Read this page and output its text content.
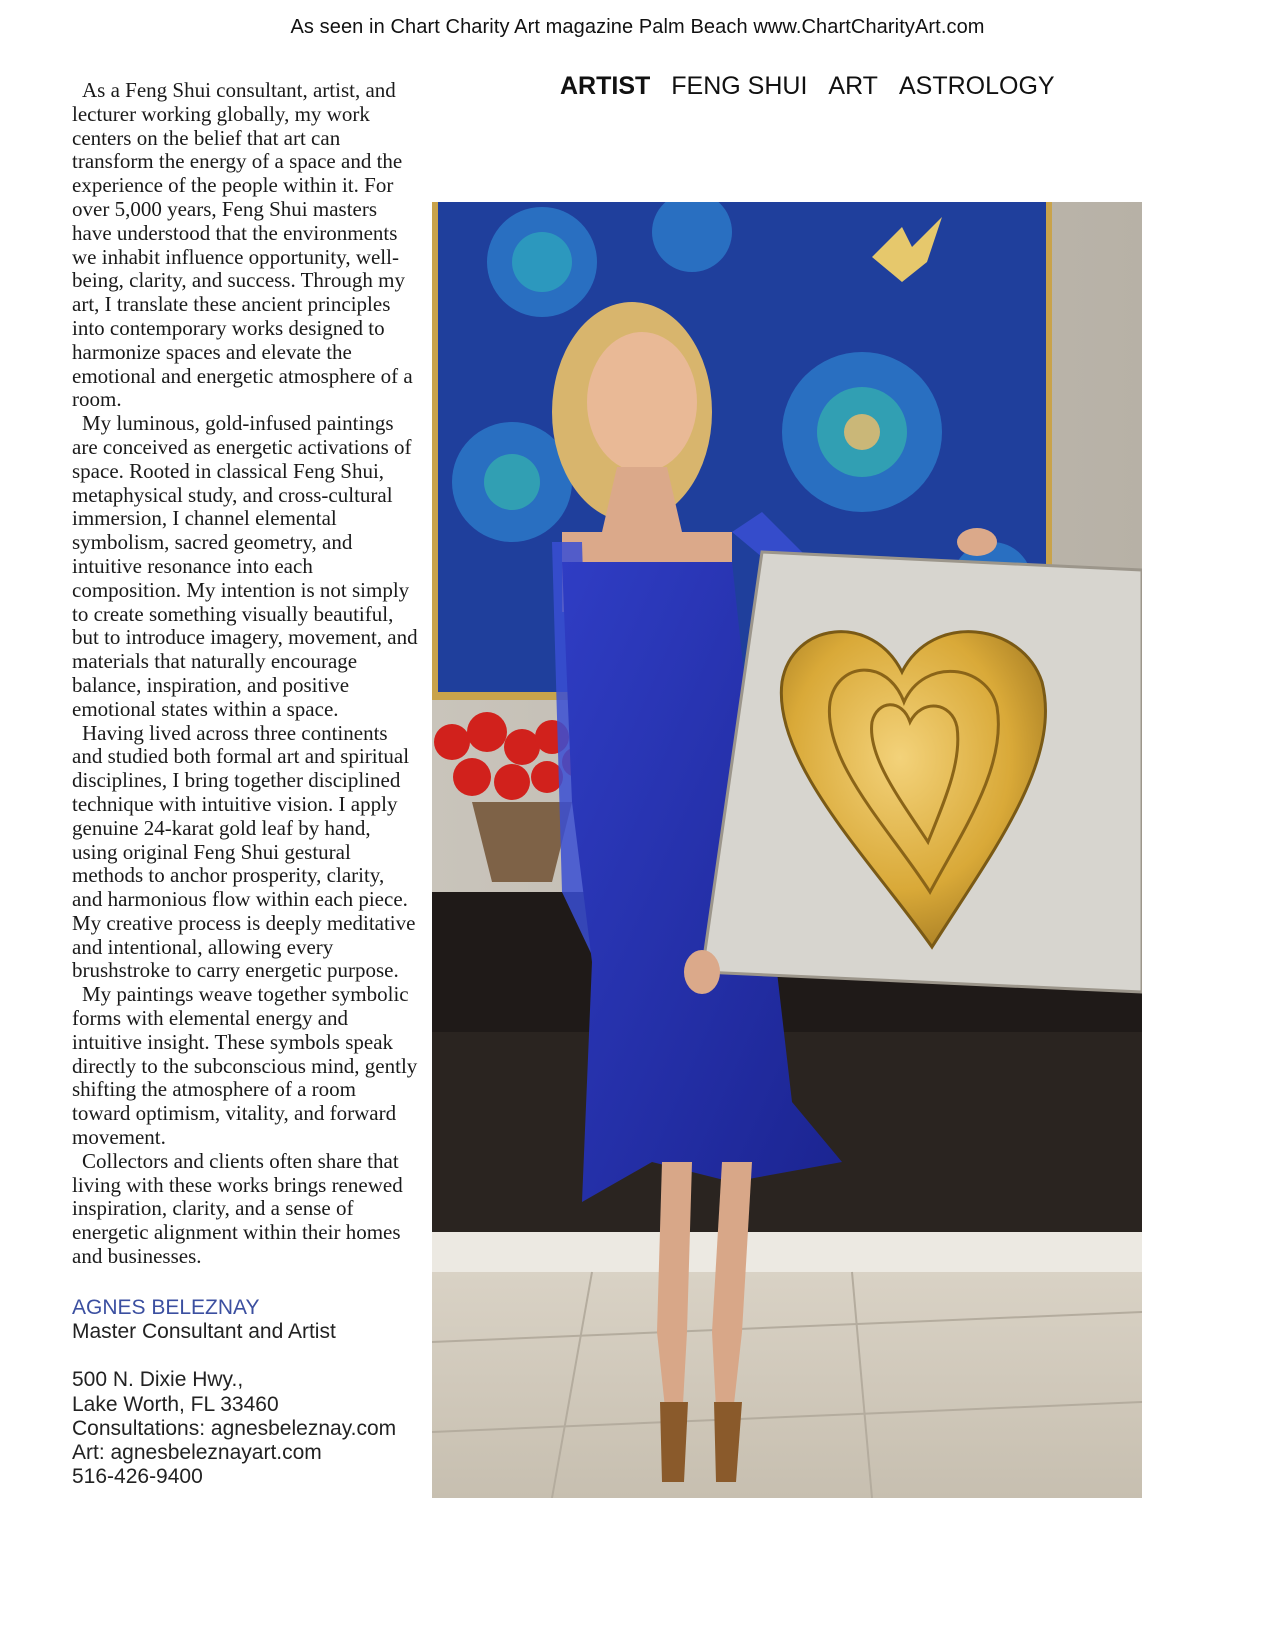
As seen in Chart Charity Art magazine Palm Beach www.ChartCharityArt.com
ARTIST FENG SHUI ART ASTROLOGY

As a Feng Shui consultant, artist, and lecturer working globally, my work centers on the belief that art can transform the energy of a space and the experience of the people within it. For over 5,000 years, Feng Shui masters have understood that the environments we inhabit influence opportunity, well-being, clarity, and success. Through my art, I translate these ancient principles into contemporary works designed to harmonize spaces and elevate the emotional and energetic atmosphere of a room.

My luminous, gold-infused paintings are conceived as energetic activations of space. Rooted in classical Feng Shui, metaphysical study, and cross-cultural immersion, I channel elemental symbolism, sacred geometry, and intuitive resonance into each composition. My intention is not simply to create something visually beautiful, but to introduce imagery, movement, and materials that naturally encourage balance, inspiration, and positive emotional states within a space.

Having lived across three continents and studied both formal art and spiritual disciplines, I bring together disciplined technique with intuitive vision. I apply genuine 24-karat gold leaf by hand, using original Feng Shui gestural methods to anchor prosperity, clarity, and harmonious flow within each piece. My creative process is deeply meditative and intentional, allowing every brushstroke to carry energetic purpose.

My paintings weave together symbolic forms with elemental energy and intuitive insight. These symbols speak directly to the subconscious mind, gently shifting the atmosphere of a room toward optimism, vitality, and forward movement.

Collectors and clients often share that living with these works brings renewed inspiration, clarity, and a sense of energetic alignment within their homes and businesses.

AGNES BELEZNAY
Master Consultant and Artist
500 N. Dixie Hwy.,
Lake Worth, FL 33460
Consultations: agnesbeleznay.com
Art: agnesbeleznayart.com
516-426-9400
